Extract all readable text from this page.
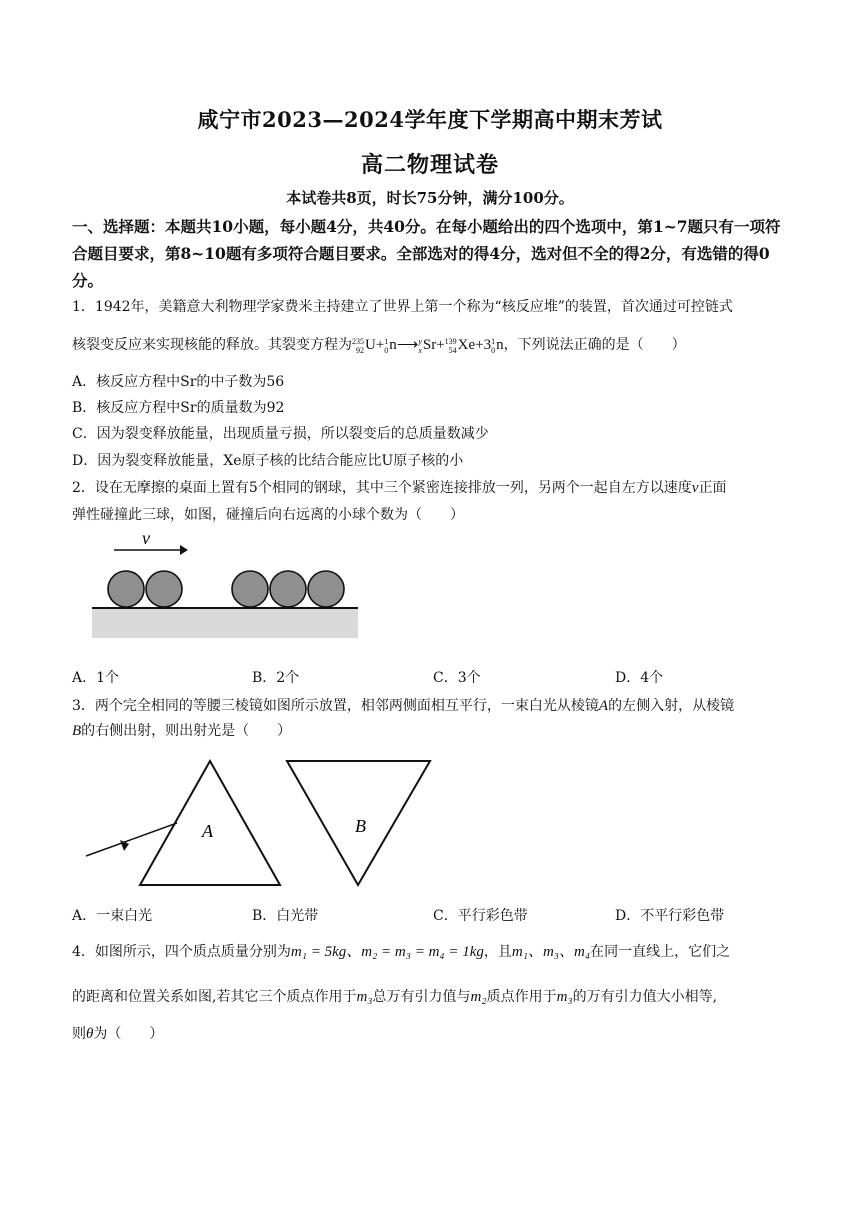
咸宁市2023—2024学年度下学期高中期末芳试
高二物理试卷
本试卷共8页，时长75分钟，满分100分。
一、选择题：本题共10小题，每小题4分，共40分。在每小题给出的四个选项中，第1~7题只有一项符合题目要求，第8~10题有多项符合题目要求。全部选对的得4分，选对但不全的得2分，有选错的得0分。
1．1942年，美籍意大利物理学家费米主持建立了世界上第一个称为“核反应堆”的装置，首次通过可控链式
核裂变反应来实现核能的释放。其裂变方程为235
92U+1
0n⟶y
xSr+139
54Xe+31
0n，下列说法正确的是（　　）
A．核反应方程中Sr的中子数为56
B．核反应方程中Sr的质量数为92
C．因为裂变释放能量，出现质量亏损，所以裂变后的总质量数减少
D．因为裂变释放能量，Xe原子核的比结合能应比U原子核的小
2．设在无摩擦的桌面上置有5个相同的钢球，其中三个紧密连接排放一列，另两个一起自左方以速度v正面
弹性碰撞此三球，如图，碰撞后向右远离的小球个数为（　　）
v
A．1个	B．2个	C．3个	D．4个
3．两个完全相同的等腰三棱镜如图所示放置，相邻两侧面相互平行，一束白光从棱镜A的左侧入射，从棱镜
B的右侧出射，则出射光是（　　）
A	B
A．一束白光	B．白光带	C．平行彩色带	D．不平行彩色带
4．如图所示，四个质点质量分别为m₁ = 5kg、m₂ = m₃ = m₄ = 1kg，且m₁、m₃、m₄在同一直线上，它们之
的距离和位置关系如图,若其它三个质点作用于m₃总万有引力值与m₂质点作用于m₃的万有引力值大小相等,
则θ为（　　）
